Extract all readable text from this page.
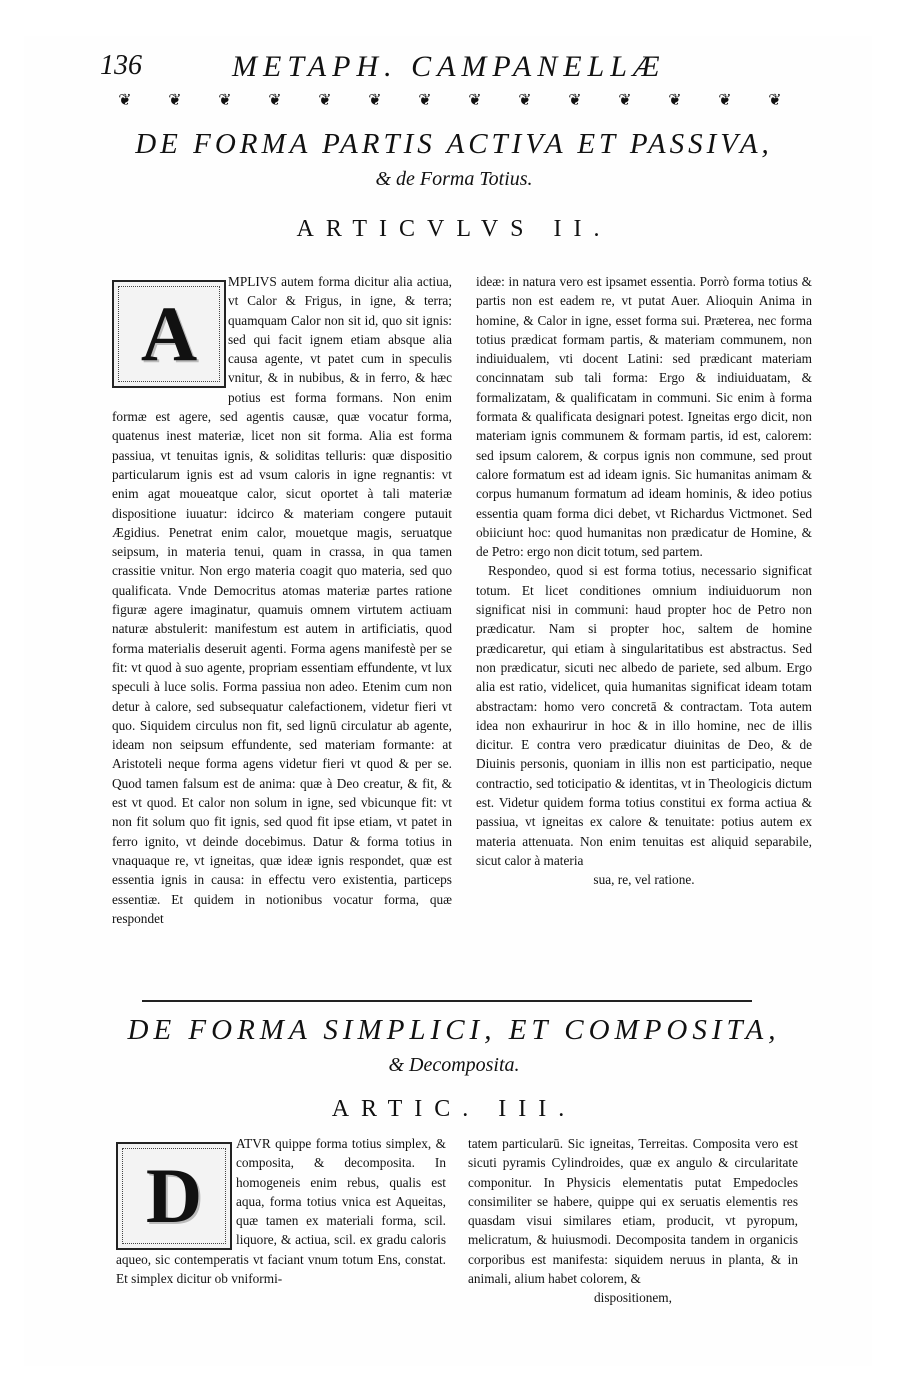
136	METAPH. CAMPANELLÆ
❦ ❦ ❦ ❦ ❦ ❦ ❦ ❦ ❦ ❦ ❦ ❦ ❦ ❦
DE FORMA PARTIS ACTIVA ET PASSIVA,
& de Forma Totius.
ARTICVLVS II.
A

MPLIVS autem forma dicitur alia actiua, vt Calor & Frigus, in igne, & terra; quamquam Calor non sit id, quo sit ignis: sed qui facit ignem etiam absque alia causa agente, vt patet cum in speculis vnitur, & in nubibus, & in ferro, & hæc potius est forma formans. Non enim formæ est agere, sed agentis causæ, quæ vocatur forma, quatenus inest materiæ, licet non sit forma. Alia est forma passiua, vt tenuitas ignis, & soliditas telluris: quæ dispositio particularum ignis est ad vsum caloris in igne regnantis: vt enim agat moueatque calor, sicut oportet à tali materiæ dispositione iuuatur: idcirco & materiam congere putauit Ægidius. Penetrat enim calor, mouetque magis, seruatque seipsum, in materia tenui, quam in crassa, in qua tamen crassitie vnitur. Non ergo materia coagit quo materia, sed quo qualificata. Vnde Democritus atomas materiæ partes ratione figuræ agere imaginatur, quamuis omnem virtutem actiuam naturæ abstulerit: manifestum est autem in artificiatis, quod forma materialis deseruit agenti. Forma agens manifestè per se fit: vt quod à suo agente, propriam essentiam effundente, vt lux speculi à luce solis. Forma passiua non adeo. Etenim cum non detur à calore, sed subsequatur calefactionem, videtur fieri vt quo. Siquidem circulus non fit, sed lignū circulatur ab agente, ideam non seipsum effundente, sed materiam formante: at Aristoteli neque forma agens videtur fieri vt quod & per se. Quod tamen falsum est de anima: quæ à Deo creatur, & fit, & est vt quod. Et calor non solum in igne, sed vbicunque fit: vt non fit solum quo fit ignis, sed quod fit ipse etiam, vt patet in ferro ignito, vt deinde docebimus. Datur & forma totius in vnaquaque re, vt igneitas, quæ ideæ ignis respondet, quæ est essentia ignis in causa: in effectu vero existentia, particeps essentiæ. Et quidem in notionibus vocatur forma, quæ respondet

ideæ: in natura vero est ipsamet essentia. Porrò forma totius & partis non est eadem re, vt putat Auer. Alioquin Anima in homine, & Calor in igne, esset forma sui. Præterea, nec forma totius prædicat formam partis, & materiam communem, non indiuidualem, vti docent Latini: sed prædicant materiam concinnatam sub tali forma: Ergo & indiuiduatam, & formalizatam, & qualificatam in communi. Sic enim à forma formata & qualificata designari potest. Igneitas ergo dicit, non materiam ignis communem & formam partis, id est, calorem: sed ipsum calorem, & corpus ignis non commune, sed prout calore formatum est ad ideam ignis. Sic humanitas animam & corpus humanum formatum ad ideam hominis, & ideo potius essentia quam forma dici debet, vt Richardus Victmonet. Sed obiiciunt hoc: quod humanitas non prædicatur de Homine, & de Petro: ergo non dicit totum, sed partem.

Respondeo, quod si est forma totius, necessario significat totum. Et licet conditiones omnium indiuiduorum non significat nisi in communi: haud propter hoc de Petro non prædicatur. Nam si propter hoc, saltem de homine prædicaretur, qui etiam à singularitatibus est abstractus. Sed non prædicatur, sicuti nec albedo de pariete, sed album. Ergo alia est ratio, videlicet, quia humanitas significat ideam totam abstractam: homo vero concretā & contractam. Tota autem idea non exhaurirur in hoc & in illo homine, nec de illis dicitur. E contra vero prædicatur diuinitas de Deo, & de Diuinis personis, quoniam in illis non est participatio, neque contractio, sed toticipatio & identitas, vt in Theologicis dictum est. Videtur quidem forma totius constitui ex forma actiua & passiua, vt igneitas ex calore & tenuitate: potius autem ex materia attenuata. Non enim tenuitas est aliquid separabile, sicut calor à materia

sua, re, vel ratione.

DE FORMA SIMPLICI, ET COMPOSITA,
& Decomposita.
ARTIC. III.
D

ATVR quippe forma totius simplex, & composita, & decomposita. In homogeneis enim rebus, qualis est aqua, forma totius vnica est Aqueitas, quæ tamen ex materiali forma, scil. liquore, & actiua, scil. ex gradu caloris aqueo, sic contemperatis vt faciant vnum totum Ens, constat. Et simplex dicitur ob vniformi-

tatem particularū. Sic igneitas, Terreitas. Composita vero est sicuti pyramis Cylindroides, quæ ex angulo & circularitate componitur. In Physicis elementatis putat Empedocles consimiliter se habere, quippe qui ex seruatis elementis res quasdam visui similares etiam, producit, vt pyropum, melicratum, & huiusmodi. Decomposita tandem in organicis corporibus est manifesta: siquidem neruus in planta, & in animali, alium habet colorem, &

dispositionem,
